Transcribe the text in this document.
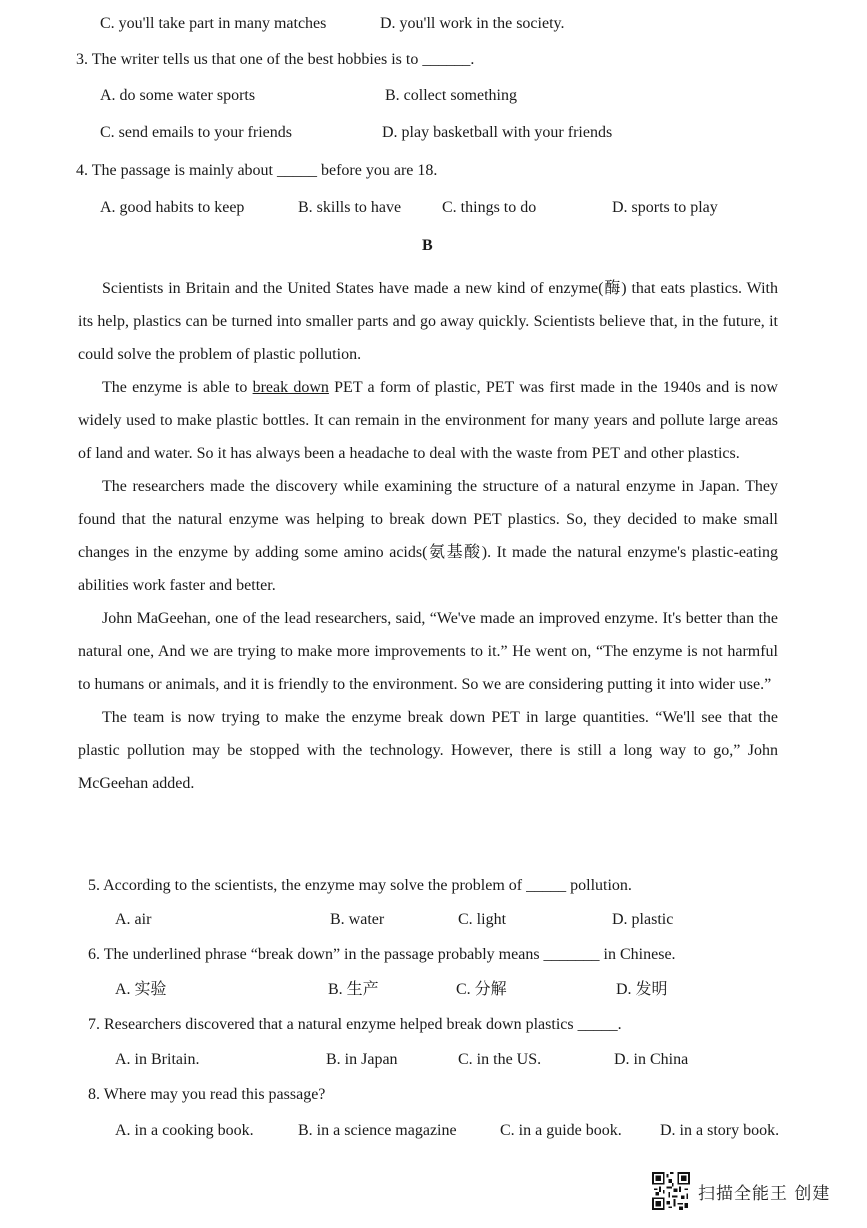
C. you'll take part in many matches	D. you'll work in the society.
3. The writer tells us that one of the best hobbies is to ______.
A. do some water sports	B. collect something
C. send emails to your friends	D. play basketball with your friends
4. The passage is mainly about _____ before you are 18.
A. good habits to keep	B. skills to have	C. things to do	D. sports to play
B

Scientists in Britain and the United States have made a new kind of enzyme(酶) that eats plastics. With its help, plastics can be turned into smaller parts and go away quickly. Scientists believe that, in the future, it could solve the problem of plastic pollution.

The enzyme is able to break down PET a form of plastic, PET was first made in the 1940s and is now widely used to make plastic bottles. It can remain in the environment for many years and pollute large areas of land and water. So it has always been a headache to deal with the waste from PET and other plastics.

The researchers made the discovery while examining the structure of a natural enzyme in Japan. They found that the natural enzyme was helping to break down PET plastics. So, they decided to make small changes in the enzyme by adding some amino acids(氨基酸). It made the natural enzyme's plastic-eating abilities work faster and better.

John MaGeehan, one of the lead researchers, said, “We've made an improved enzyme. It's better than the natural one, And we are trying to make more improvements to it.” He went on, “The enzyme is not harmful to humans or animals, and it is friendly to the environment. So we are considering putting it into wider use.”

The team is now trying to make the enzyme break down PET in large quantities. “We'll see that the plastic pollution may be stopped with the technology. However, there is still a long way to go,” John McGeehan added.

5. According to the scientists, the enzyme may solve the problem of _____ pollution.
A. air	B. water	C. light	D. plastic
6. The underlined phrase “break down” in the passage probably means _______ in Chinese.
A. 实验	B. 生产	C. 分解	D. 发明
7. Researchers discovered that a natural enzyme helped break down plastics _____.
A. in Britain.	B. in Japan	C. in the US.	D. in China
8. Where may you read this passage?
A. in a cooking book.	B. in a science magazine	C. in a guide book. D. in a story book.
扫描全能王 创建
